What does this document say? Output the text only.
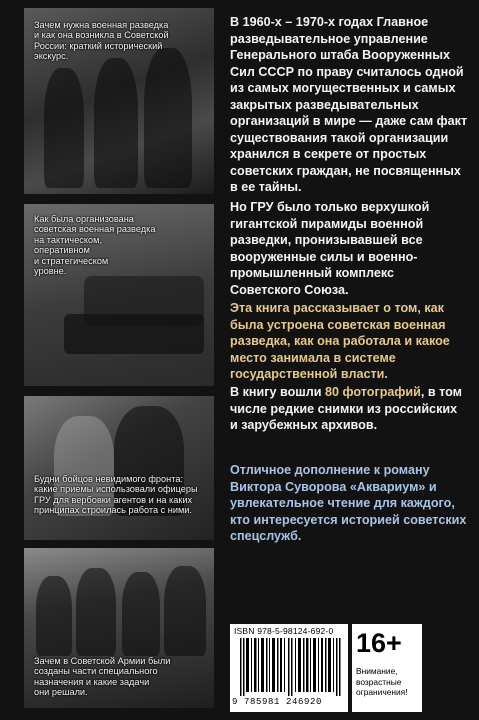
Зачем нужна военная разведка
и как она возникла в Советской
России: краткий исторический
экскурс.
Как была организована
советская военная разведка
на тактическом,
оперативном
и стратегическом
уровне.
Будни бойцов невидимого фронта:
какие приемы использовали офицеры
ГРУ для вербовки агентов и на каких
принципах строилась работа с ними.
Зачем в Советской Армии были
созданы части специального
назначения и какие задачи
они решали.

В 1960-х – 1970-х годах Главное разведывательное управление Генерального штаба Вооруженных Сил СССР по праву считалось одной из самых могущественных и самых закрытых разведывательных организаций в мире — даже сам факт существования такой организации хранился в секрете от простых советских граждан, не посвященных в ее тайны.

Но ГРУ было только верхушкой гигантской пирамиды военной разведки, пронизывавшей все вооруженные силы и военно-промышленный комплекс Советского Союза.

Эта книга рассказывает о том, как была устроена советская военная разведка, как она работала и какое место занимала в системе государственной власти.

В книгу вошли 80 фотографий, в том числе редкие снимки из российских и зарубежных архивов.

Отличное дополнение к роману Виктора Суворова «Аквариум» и увлекательное чтение для каждого, кто интересуется историей советских спецслужб.

ISBN 978-5-98124-692-0
9 785981 246920
16+
Внимание,
возрастные
ограничения!
